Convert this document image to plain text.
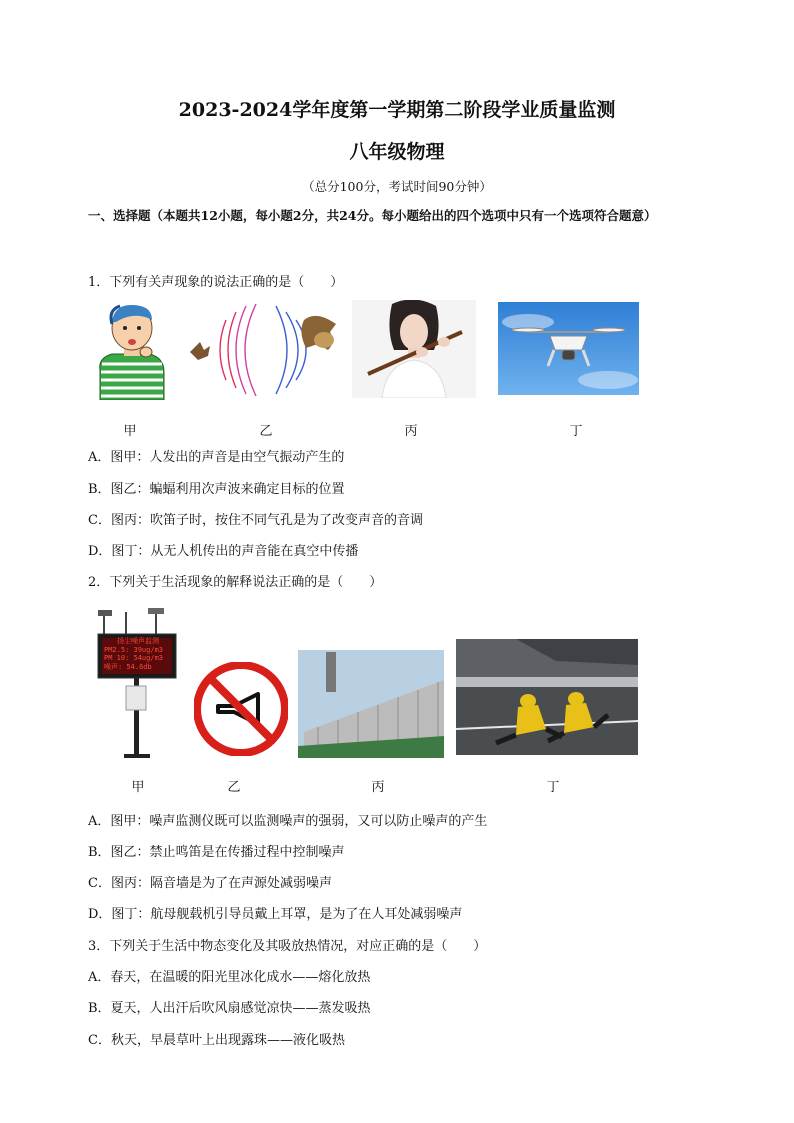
2023-2024学年度第一学期第二阶段学业质量监测
八年级物理
（总分100分，考试时间90分钟）
一、选择题（本题共12小题，每小题2分，共24分。每小题给出的四个选项中只有一个选项符合题意）
1．下列有关声现象的说法正确的是（　　）
甲	乙	丙	丁
A．图甲：人发出的声音是由空气振动产生的
B．图乙：蝙蝠利用次声波来确定目标的位置
C．图丙：吹笛子时，按住不同气孔是为了改变声音的音调
D．图丁：从无人机传出的声音能在真空中传播
2．下列关于生活现象的解释说法正确的是（　　）
扬尘噪声监测
PM2.5: 39ug/m3
PM 10: 54ug/m3
噪声: 54.6db
甲	乙	丙	丁
A．图甲：噪声监测仪既可以监测噪声的强弱，又可以防止噪声的产生
B．图乙：禁止鸣笛是在传播过程中控制噪声
C．图丙：隔音墙是为了在声源处减弱噪声
D．图丁：航母舰载机引导员戴上耳罩，是为了在人耳处减弱噪声
3．下列关于生活中物态变化及其吸放热情况，对应正确的是（　　）
A．春天，在温暖的阳光里冰化成水——熔化放热
B．夏天，人出汗后吹风扇感觉凉快——蒸发吸热
C．秋天，早晨草叶上出现露珠——液化吸热
